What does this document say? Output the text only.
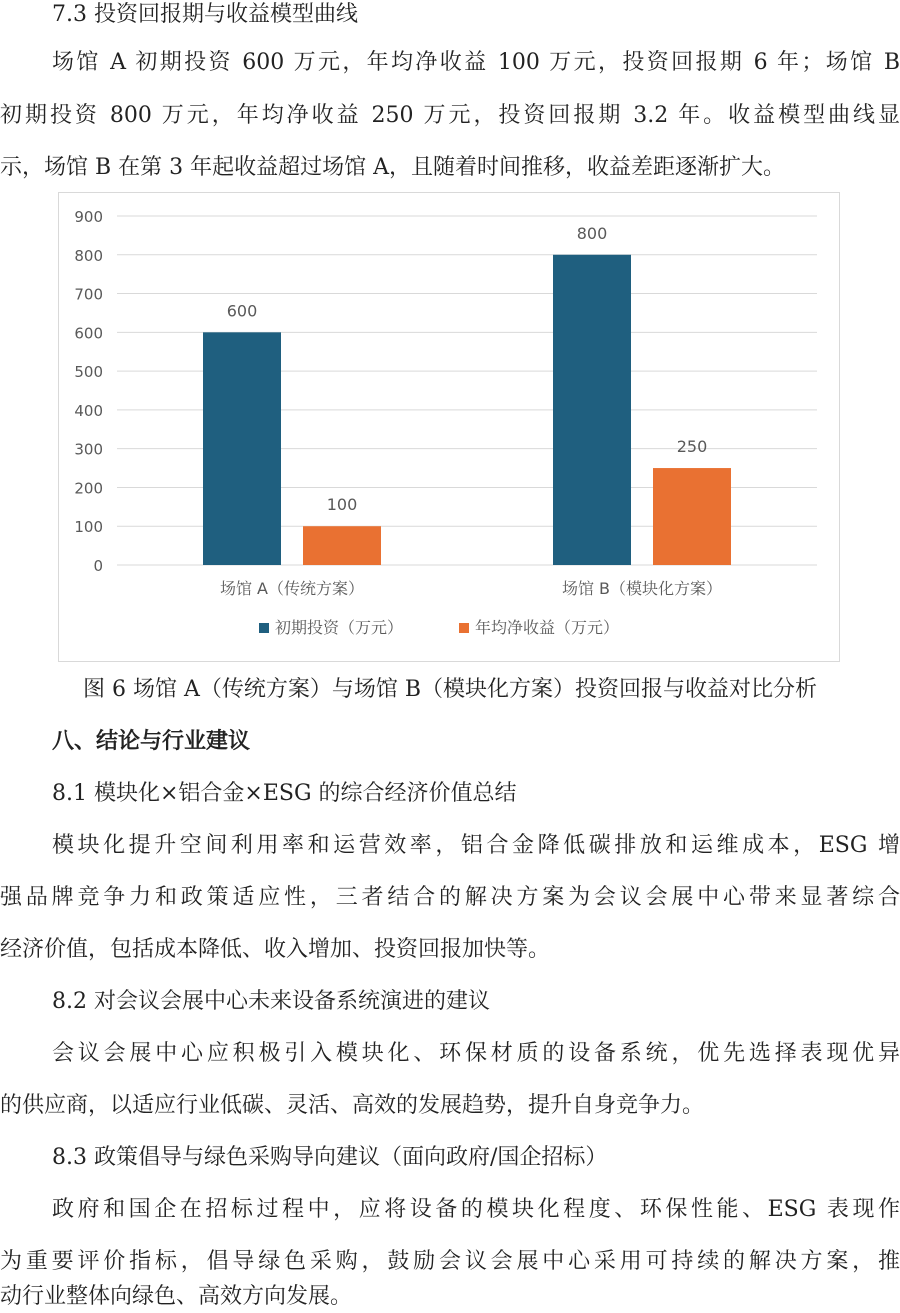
7.3 投资回报期与收益模型曲线
场馆 A 初期投资 600 万元，年均净收益 100 万元，投资回报期 6 年；场馆 B
初期投资 800 万元，年均净收益 250 万元，投资回报期 3.2 年。收益模型曲线显
示，场馆 B 在第 3 年起收益超过场馆 A，且随着时间推移，收益差距逐渐扩大。
0
100
200
300
400
500
600
700
800
900
600
100
场馆 A（传统方案）
800
250
场馆 B（模块化方案）
初期投资（万元）	年均净收益（万元）
图 6 场馆 A（传统方案）与场馆 B（模块化方案）投资回报与收益对比分析
八、结论与行业建议
8.1 模块化×铝合金×ESG 的综合经济价值总结
模块化提升空间利用率和运营效率，铝合金降低碳排放和运维成本，ESG 增
强品牌竞争力和政策适应性，三者结合的解决方案为会议会展中心带来显著综合
经济价值，包括成本降低、收入增加、投资回报加快等。
8.2 对会议会展中心未来设备系统演进的建议
会议会展中心应积极引入模块化、环保材质的设备系统，优先选择表现优异
的供应商，以适应行业低碳、灵活、高效的发展趋势，提升自身竞争力。
8.3 政策倡导与绿色采购导向建议（面向政府/国企招标）
政府和国企在招标过程中，应将设备的模块化程度、环保性能、ESG 表现作
为重要评价指标，倡导绿色采购，鼓励会议会展中心采用可持续的解决方案，推
动行业整体向绿色、高效方向发展。
